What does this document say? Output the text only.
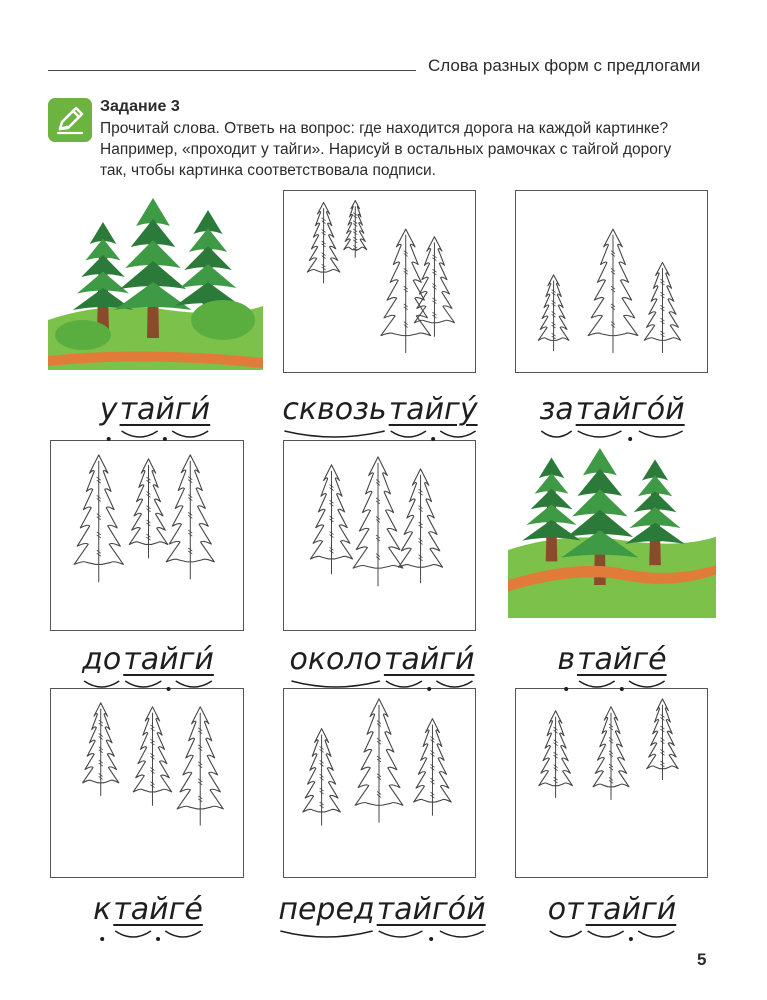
Слова разных форм с предлогами
Задание 3
Прочитай слова. Ответь на вопрос: где находится дорога на каждой картинке?
Например, «проходит у тайги». Нарисуй в остальных рамочках с тайгой дорогу
так, чтобы картинка соответствовала подписи.
утайги́	сквозьтайгу́	затайго́й
дотайги́	околотайги́	втайге́
ктайге́	передтайго́й	оттайги́
5
